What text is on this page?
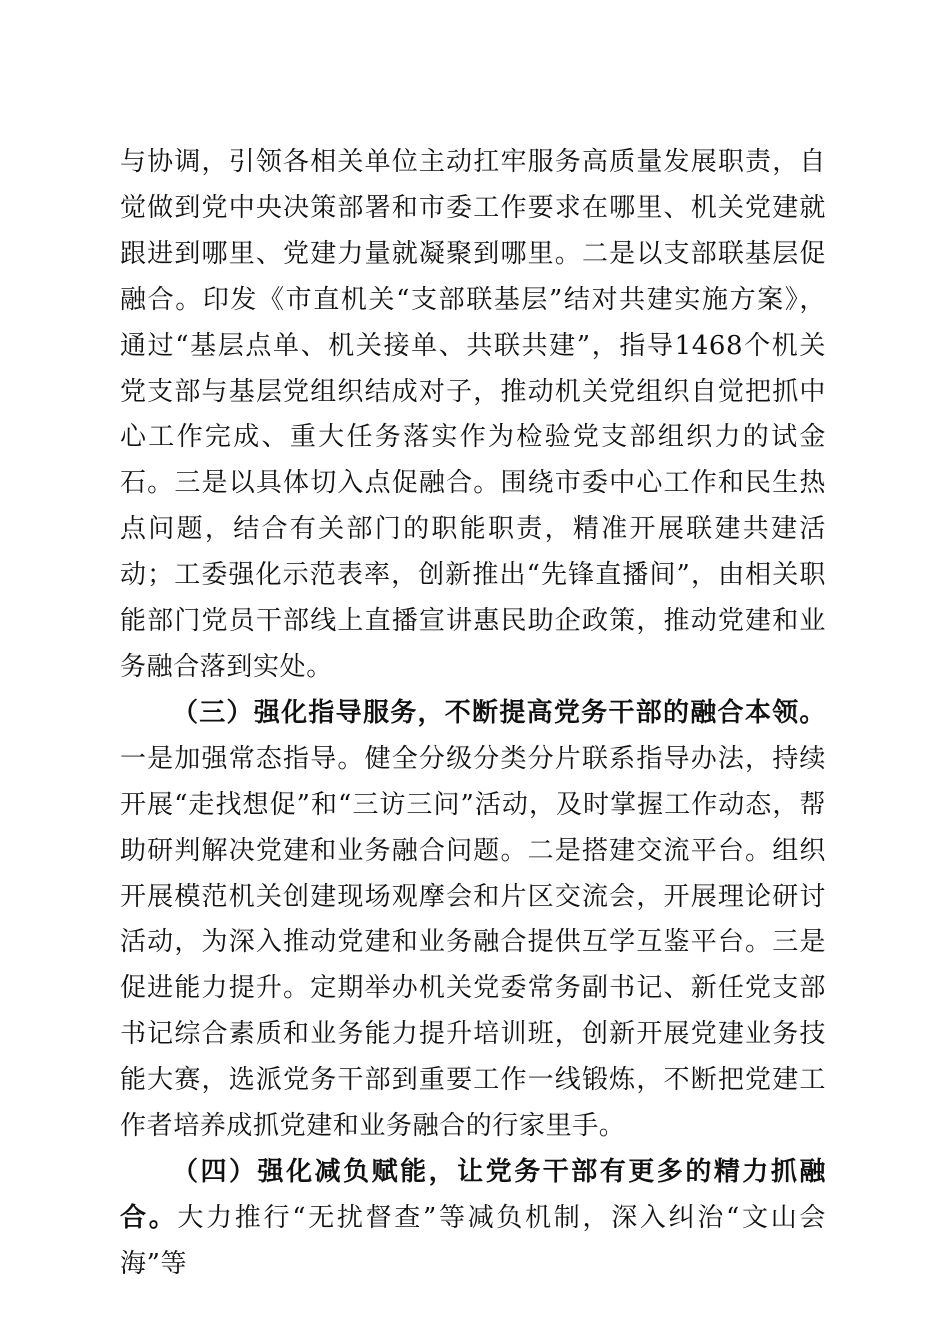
与协调，引领各相关单位主动扛牢服务高质量发展职责，自觉做到党中央决策部署和市委工作要求在哪里、机关党建就跟进到哪里、党建力量就凝聚到哪里。二是以支部联基层促融合。印发《市直机关“支部联基层”结对共建实施方案》，通过“基层点单、机关接单、共联共建”，指导1468个机关党支部与基层党组织结成对子，推动机关党组织自觉把抓中心工作完成、重大任务落实作为检验党支部组织力的试金石。三是以具体切入点促融合。围绕市委中心工作和民生热点问题，结合有关部门的职能职责，精准开展联建共建活动；工委强化示范表率，创新推出“先锋直播间”，由相关职能部门党员干部线上直播宣讲惠民助企政策，推动党建和业务融合落到实处。

（三）强化指导服务，不断提高党务干部的融合本领。一是加强常态指导。健全分级分类分片联系指导办法，持续开展“走找想促”和“三访三问”活动，及时掌握工作动态，帮助研判解决党建和业务融合问题。二是搭建交流平台。组织开展模范机关创建现场观摩会和片区交流会，开展理论研讨活动，为深入推动党建和业务融合提供互学互鉴平台。三是促进能力提升。定期举办机关党委常务副书记、新任党支部书记综合素质和业务能力提升培训班，创新开展党建业务技能大赛，选派党务干部到重要工作一线锻炼，不断把党建工作者培养成抓党建和业务融合的行家里手。

（四）强化减负赋能，让党务干部有更多的精力抓融合。大力推行“无扰督查”等减负机制，深入纠治“文山会海”等
